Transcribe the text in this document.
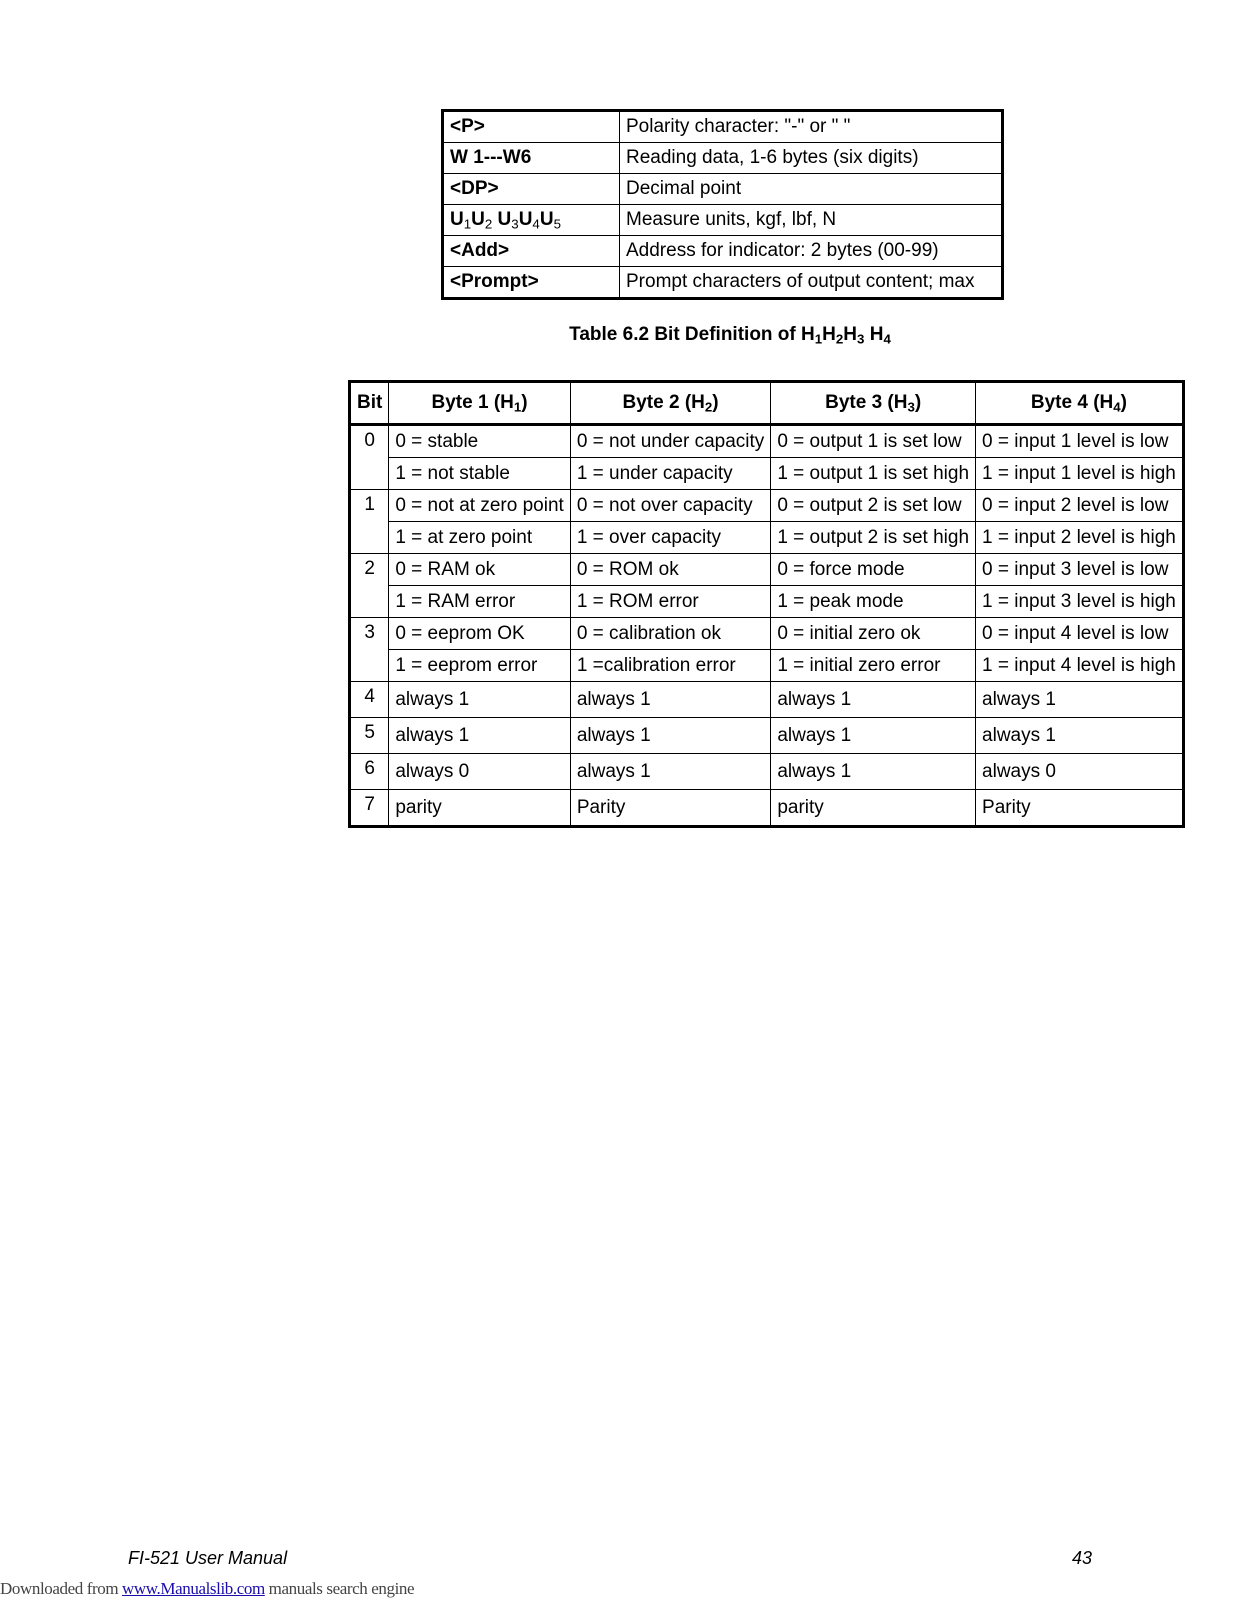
<P>	Polarity character: "-" or " "
W 1---W6	Reading data, 1-6 bytes (six digits)
<DP>	Decimal point
$U_1U_2$ $U_3U_4U_5$	Measure units, kgf, lbf, N
<Add>	Address for indicator: 2 bytes (00-99)
<Prompt>	Prompt characters of output content; max
Table 6.2 Bit Definition of $H_1H_2H_3$ $H_4$
Bit	Byte 1 $(H_1)$	Byte 2 $(H_2)$	Byte 3 $(H_3)$	Byte 4 $(H_4)$
0	0 = stable	0 = not under capacity	0 = output 1 is set low	0 = input 1 level is low
	1 = not stable	1 = under capacity	1 = output 1 is set high	1 = input 1 level is high
1	0 = not at zero point	0 = not over capacity	0 = output 2 is set low	0 = input 2 level is low
	1 = at zero point	1 = over capacity	1 = output 2 is set high	1 = input 2 level is high
2	0 = RAM ok	0 = ROM ok	0 = force mode	0 = input 3 level is low
	1 = RAM error	1 = ROM error	1 = peak mode	1 = input 3 level is high
3	0 = eeprom OK	0 = calibration ok	0 = initial zero ok	0 = input 4 level is low
	1 = eeprom error	1 =calibration error	1 = initial zero error	1 = input 4 level is high
4	always 1	always 1	always 1	always 1
5	always 1	always 1	always 1	always 1
6	always 0	always 1	always 1	always 0
7	parity	Parity	parity	Parity
FI-521 User Manual	43
Downloaded from www.Manualslib.com manuals search engine
